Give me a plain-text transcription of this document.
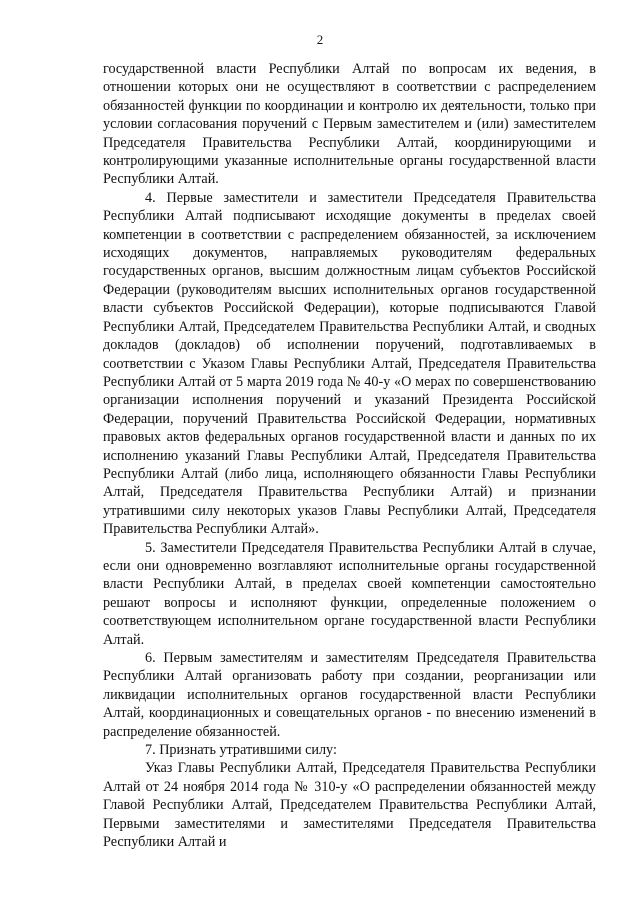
2

государственной власти Республики Алтай по вопросам их ведения, в отношении которых они не осуществляют в соответствии с распределением обязанностей функции по координации и контролю их деятельности, только при условии согласования поручений с Первым заместителем и (или) заместителем Председателя Правительства Республики Алтай, координирующими и контролирующими указанные исполнительные органы государственной власти Республики Алтай.

4. Первые заместители и заместители Председателя Правительства Республики Алтай подписывают исходящие документы в пределах своей компетенции в соответствии с распределением обязанностей, за исключением исходящих документов, направляемых руководителям федеральных государственных органов, высшим должностным лицам субъектов Российской Федерации (руководителям высших исполнительных органов государственной власти субъектов Российской Федерации), которые подписываются Главой Республики Алтай, Председателем Правительства Республики Алтай, и сводных докладов (докладов) об исполнении поручений, подготавливаемых в соответствии с Указом Главы Республики Алтай, Председателя Правительства Республики Алтай от 5 марта 2019 года № 40-у «О мерах по совершенствованию организации исполнения поручений и указаний Президента Российской Федерации, поручений Правительства Российской Федерации, нормативных правовых актов федеральных органов государственной власти и данных по их исполнению указаний Главы Республики Алтай, Председателя Правительства Республики Алтай (либо лица, исполняющего обязанности Главы Республики Алтай, Председателя Правительства Республики Алтай) и признании утратившими силу некоторых указов Главы Республики Алтай, Председателя Правительства Республики Алтай».

5. Заместители Председателя Правительства Республики Алтай в случае, если они одновременно возглавляют исполнительные органы государственной власти Республики Алтай, в пределах своей компетенции самостоятельно решают вопросы и исполняют функции, определенные положением о соответствующем исполнительном органе государственной власти Республики Алтай.

6. Первым заместителям и заместителям Председателя Правительства Республики Алтай организовать работу при создании, реорганизации или ликвидации исполнительных органов государственной власти Республики Алтай, координационных и совещательных органов - по внесению изменений в распределение обязанностей.

7. Признать утратившими силу:

Указ Главы Республики Алтай, Председателя Правительства Республики Алтай от 24 ноября 2014 года № 310-у «О распределении обязанностей между Главой Республики Алтай, Председателем Правительства Республики Алтай, Первыми заместителями и заместителями Председателя Правительства Республики Алтай и
